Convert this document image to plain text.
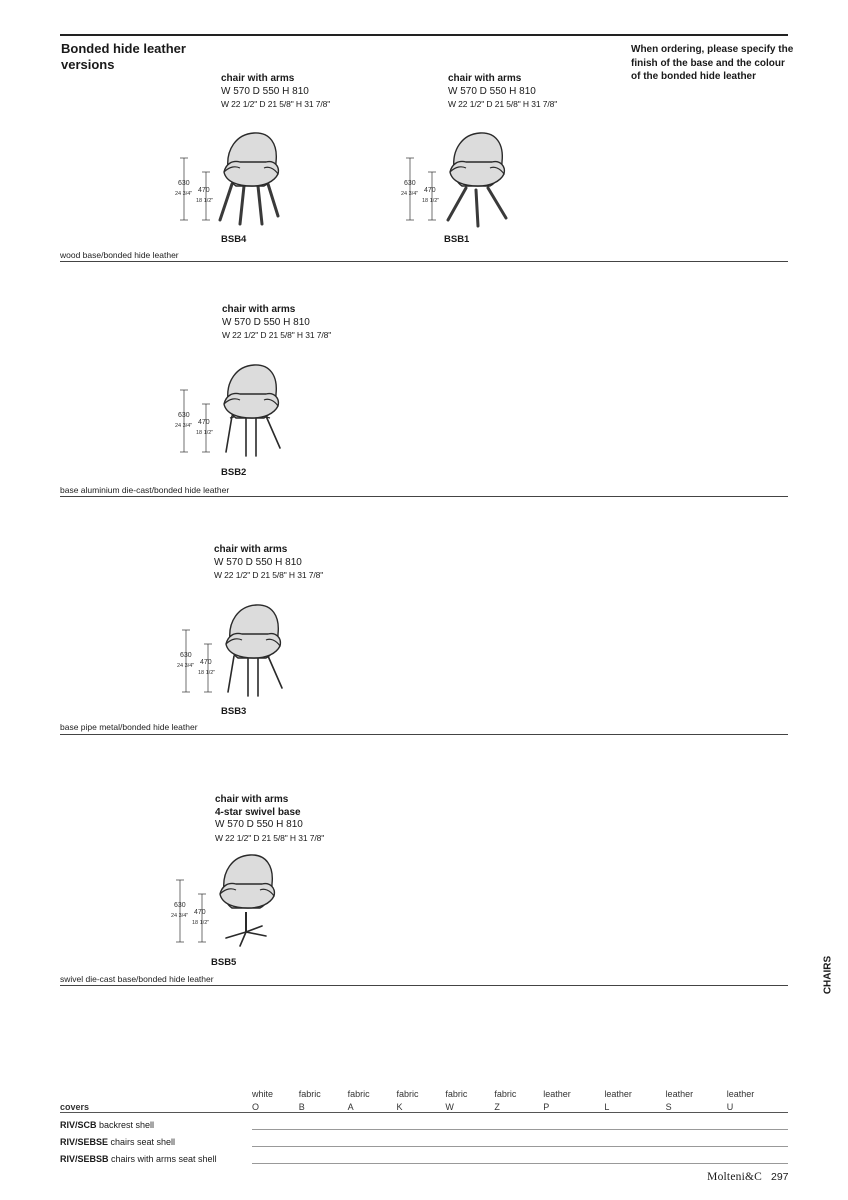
Bonded hide leather versions
When ordering, please specify the finish of the base and the colour of the bonded hide leather
chair with arms
W 570 D 550 H 810
W 22 1/2" D 21 5/8" H 31 7/8"
630
24 3/4" 470
18 1/2"
BSB4
chair with arms
W 570 D 550 H 810
W 22 1/2" D 21 5/8" H 31 7/8"
630
24 3/4" 470
18 1/2"
BSB1
wood base/bonded hide leather
chair with arms
W 570 D 550 H 810
W 22 1/2" D 21 5/8" H 31 7/8"
630
24 3/4" 470
18 1/2"
BSB2
base aluminium die-cast/bonded hide leather
chair with arms
W 570 D 550 H 810
W 22 1/2" D 21 5/8" H 31 7/8"
630
24 3/4" 470
18 1/2"
BSB3
base pipe metal/bonded hide leather
chair with arms
4-star swivel base
W 570 D 550 H 810
W 22 1/2" D 21 5/8" H 31 7/8"
630
24 3/4" 470
18 1/2"
BSB5
swivel die-cast base/bonded hide leather	CHAIRS
	white	fabric	fabric	fabric	fabric	fabric	leather	leather	leather	leather
covers	O	B	A	K	W	Z	P	L	S	U
RIV/SCB backrest shell										
RIV/SEBSE chairs seat shell										
RIV/SEBSB chairs with arms seat shell										
Molteni&C 297
